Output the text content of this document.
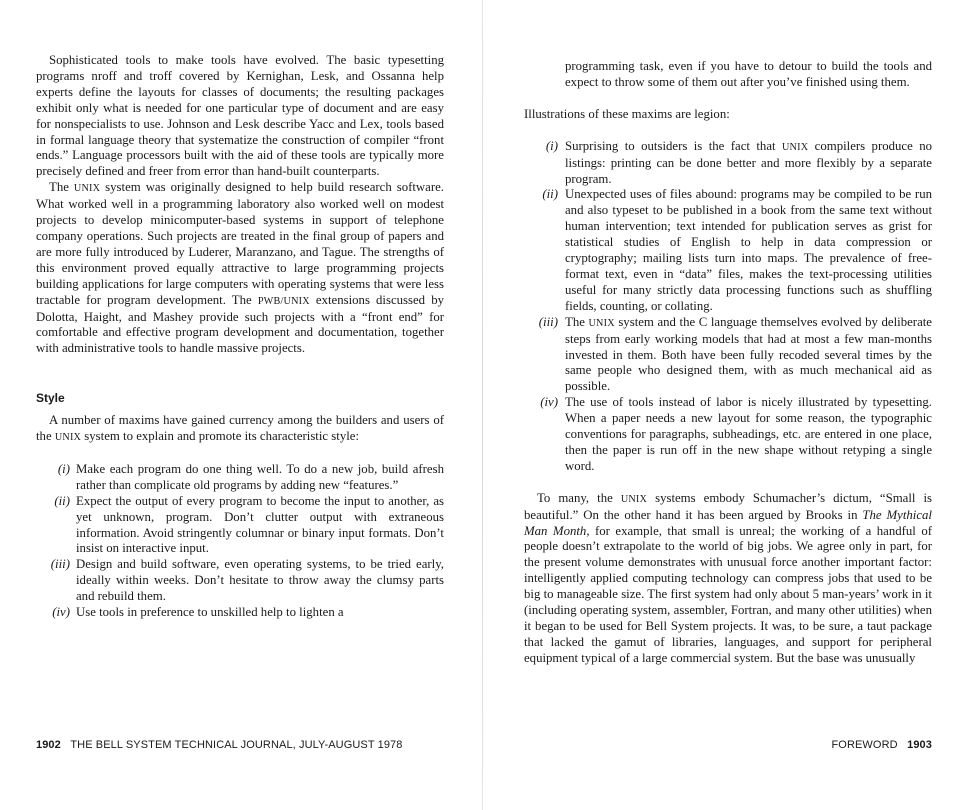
Sophisticated tools to make tools have evolved. The basic typesetting programs nroff and troff covered by Kernighan, Lesk, and Ossanna help experts define the layouts for classes of documents; the resulting packages exhibit only what is needed for one particular type of document and are easy for nonspecialists to use. Johnson and Lesk describe Yacc and Lex, tools based in formal language theory that systematize the construction of compiler “front ends.” Language processors built with the aid of these tools are typically more precisely defined and freer from error than hand-built counterparts.

The UNIX system was originally designed to help build research software. What worked well in a programming laboratory also worked well on modest projects to develop minicomputer-based systems in support of telephone company operations. Such projects are treated in the final group of papers and are more fully introduced by Luderer, Maranzano, and Tague. The strengths of this environment proved equally attractive to large programming projects building applications for large computers with operating systems that were less tractable for program development. The PWB/UNIX extensions discussed by Dolotta, Haight, and Mashey provide such projects with a “front end” for comfortable and effective program development and documentation, together with administrative tools to handle massive projects.

Style

A number of maxims have gained currency among the builders and users of the UNIX system to explain and promote its characteristic style:

(i) Make each program do one thing well. To do a new job, build afresh rather than complicate old programs by adding new “features.”
(ii) Expect the output of every program to become the input to another, as yet unknown, program. Don’t clutter output with extraneous information. Avoid stringently columnar or binary input formats. Don’t insist on interactive input.
(iii) Design and build software, even operating systems, to be tried early, ideally within weeks. Don’t hesitate to throw away the clumsy parts and rebuild them.
(iv) Use tools in preference to unskilled help to lighten a
1902 THE BELL SYSTEM TECHNICAL JOURNAL, JULY-AUGUST 1978
programming task, even if you have to detour to build the tools and expect to throw some of them out after you’ve finished using them.

Illustrations of these maxims are legion:

(i) Surprising to outsiders is the fact that UNIX compilers produce no listings: printing can be done better and more flexibly by a separate program.
(ii) Unexpected uses of files abound: programs may be compiled to be run and also typeset to be published in a book from the same text without human intervention; text intended for publication serves as grist for statistical studies of English to help in data compression or cryptography; mailing lists turn into maps. The prevalence of free-format text, even in “data” files, makes the text-processing utilities useful for many strictly data processing functions such as shuffling fields, counting, or collating.
(iii) The UNIX system and the C language themselves evolved by deliberate steps from early working models that had at most a few man-months invested in them. Both have been fully recoded several times by the same people who designed them, with as much mechanical aid as possible.
(iv) The use of tools instead of labor is nicely illustrated by typesetting. When a paper needs a new layout for some reason, the typographic conventions for paragraphs, subheadings, etc. are entered in one place, then the paper is run off in the new shape without retyping a single word.

To many, the UNIX systems embody Schumacher’s dictum, “Small is beautiful.” On the other hand it has been argued by Brooks in The Mythical Man Month, for example, that small is unreal; the working of a handful of people doesn’t extrapolate to the world of big jobs. We agree only in part, for the present volume demonstrates with unusual force another important factor: intelligently applied computing technology can compress jobs that used to be big to manageable size. The first system had only about 5 man-years’ work in it (including operating system, assembler, Fortran, and many other utilities) when it began to be used for Bell System projects. It was, to be sure, a taut package that lacked the gamut of libraries, languages, and support for peripheral equipment typical of a large commercial system. But the base was unusually

FOREWORD 1903
